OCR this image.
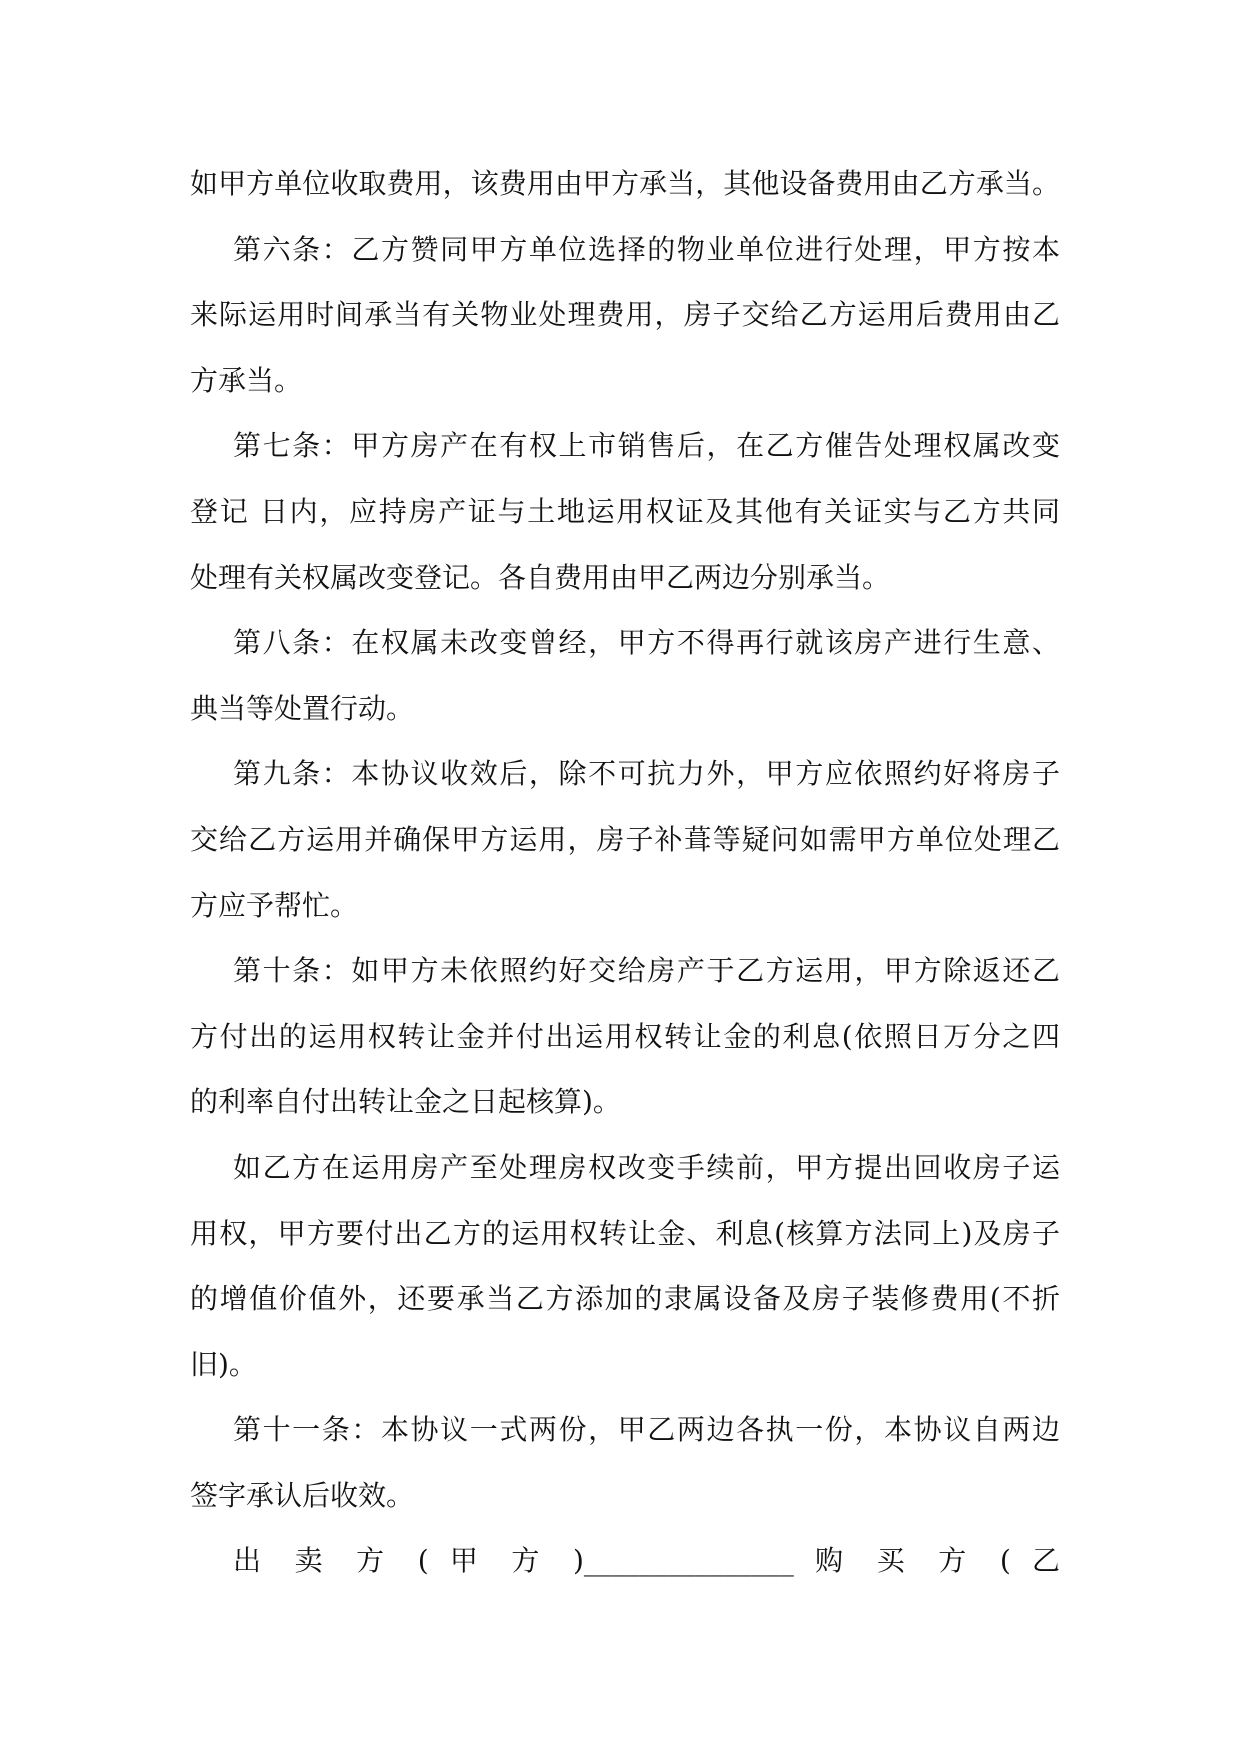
如甲方单位收取费用，该费用由甲方承当，其他设备费用由乙方承当。
第六条：乙方赞同甲方单位选择的物业单位进行处理，甲方按本
来际运用时间承当有关物业处理费用，房子交给乙方运用后费用由乙
方承当。
第七条：甲方房产在有权上市销售后，在乙方催告处理权属改变
登记 日内，应持房产证与土地运用权证及其他有关证实与乙方共同
处理有关权属改变登记。各自费用由甲乙两边分别承当。
第八条：在权属未改变曾经，甲方不得再行就该房产进行生意、
典当等处置行动。
第九条：本协议收效后，除不可抗力外，甲方应依照约好将房子
交给乙方运用并确保甲方运用，房子补葺等疑问如需甲方单位处理乙
方应予帮忙。
第十条：如甲方未依照约好交给房产于乙方运用，甲方除返还乙
方付出的运用权转让金并付出运用权转让金的利息(依照日万分之四
的利率自付出转让金之日起核算)。
如乙方在运用房产至处理房权改变手续前，甲方提出回收房子运
用权，甲方要付出乙方的运用权转让金、利息(核算方法同上)及房子
的增值价值外，还要承当乙方添加的隶属设备及房子装修费用(不折
旧)。
第十一条：本协议一式两份，甲乙两边各执一份，本协议自两边
签字承认后收效。
出 卖 方 ( 甲 方 )_______________ 购 买 方 ( 乙
